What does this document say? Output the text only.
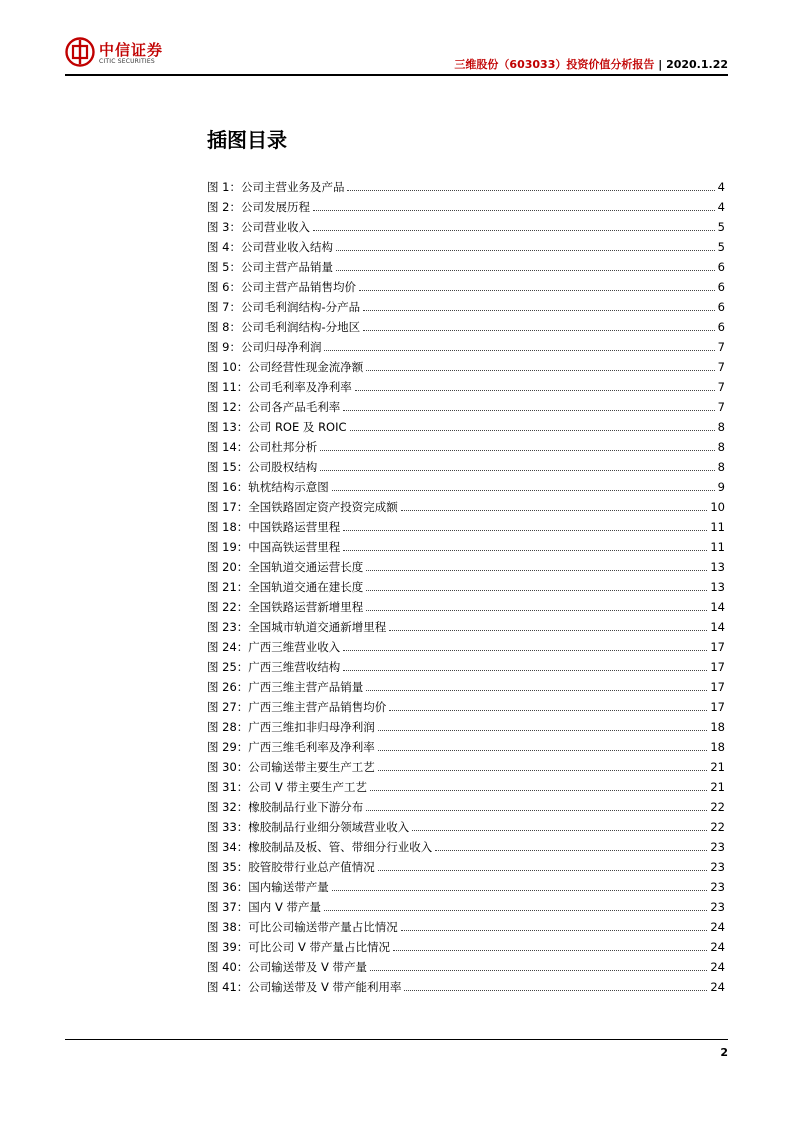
中信证券
CITIC SECURITIES	三维股份（603033）投资价值分析报告 | 2020.1.22
插图目录
图 1：公司主营业务及产品	4
图 2：公司发展历程	4
图 3：公司营业收入	5
图 4：公司营业收入结构	5
图 5：公司主营产品销量	6
图 6：公司主营产品销售均价	6
图 7：公司毛利润结构-分产品	6
图 8：公司毛利润结构-分地区	6
图 9：公司归母净利润	7
图 10：公司经营性现金流净额	7
图 11：公司毛利率及净利率	7
图 12：公司各产品毛利率	7
图 13：公司 ROE 及 ROIC	8
图 14：公司杜邦分析	8
图 15：公司股权结构	8
图 16：轨枕结构示意图	9
图 17：全国铁路固定资产投资完成额	10
图 18：中国铁路运营里程	11
图 19：中国高铁运营里程	11
图 20：全国轨道交通运营长度	13
图 21：全国轨道交通在建长度	13
图 22：全国铁路运营新增里程	14
图 23：全国城市轨道交通新增里程	14
图 24：广西三维营业收入	17
图 25：广西三维营收结构	17
图 26：广西三维主营产品销量	17
图 27：广西三维主营产品销售均价	17
图 28：广西三维扣非归母净利润	18
图 29：广西三维毛利率及净利率	18
图 30：公司输送带主要生产工艺	21
图 31：公司 V 带主要生产工艺	21
图 32：橡胶制品行业下游分布	22
图 33：橡胶制品行业细分领域营业收入	22
图 34：橡胶制品及板、管、带细分行业收入	23
图 35：胶管胶带行业总产值情况	23
图 36：国内输送带产量	23
图 37：国内 V 带产量	23
图 38：可比公司输送带产量占比情况	24
图 39：可比公司 V 带产量占比情况	24
图 40：公司输送带及 V 带产量	24
图 41：公司输送带及 V 带产能利用率	24
2
